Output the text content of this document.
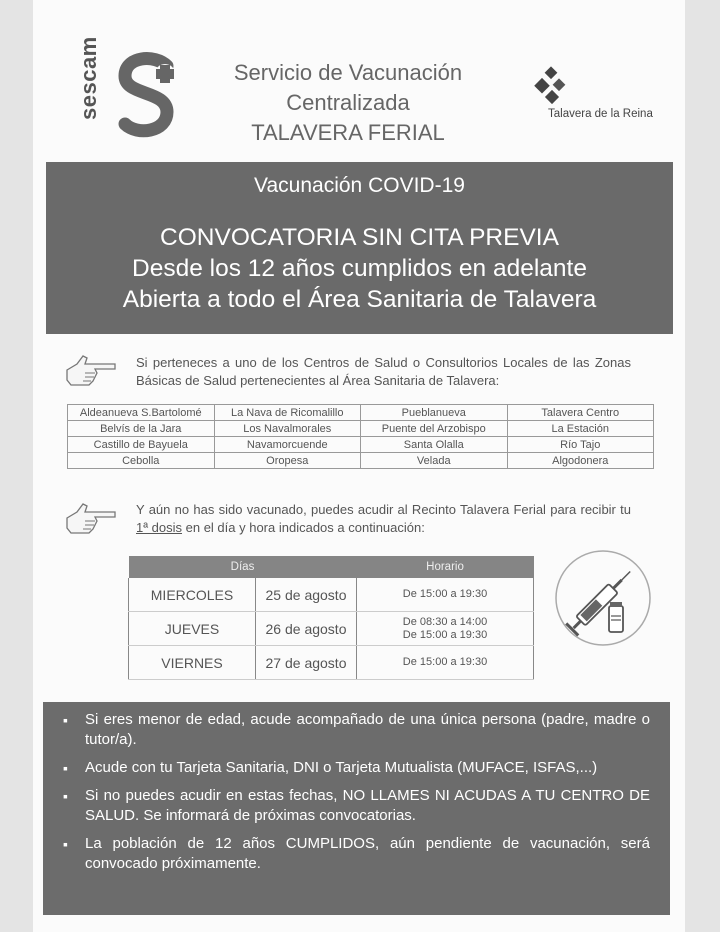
sescam	Servicio de Vacunación
Centralizada
TALAVERA FERIAL
Talavera de la Reina
Vacunación COVID-19
CONVOCATORIA SIN CITA PREVIA
Desde los 12 años cumplidos en adelante
Abierta a todo el Área Sanitaria de Talavera
Si perteneces a uno de los Centros de Salud o Consultorios Locales de las Zonas Básicas de Salud pertenecientes al Área Sanitaria de Talavera:
Aldeanueva S.Bartolomé	La Nava de Ricomalillo	Pueblanueva	Talavera Centro
Belvís de la Jara	Los Navalmorales	Puente del Arzobispo	La Estación
Castillo de Bayuela	Navamorcuende	Santa Olalla	Río Tajo
Cebolla	Oropesa	Velada	Algodonera
Y aún no has sido vacunado, puedes acudir al Recinto Talavera Ferial para recibir tu 1ª dosis en el día y hora indicados a continuación:
Días		Horario
MIERCOLES	25 de agosto	De 15:00 a 19:30

JUEVES	26 de agosto	De 08:30 a 14:00
De 15:00 a 19:30

VIERNES	27 de agosto	De 15:00 a 19:30
▪ Si eres menor de edad, acude acompañado de una única persona (padre, madre o tutor/a).
▪ Acude con tu Tarjeta Sanitaria, DNI o Tarjeta Mutualista (MUFACE, ISFAS,...)
▪ Si no puedes acudir en estas fechas, NO LLAMES NI ACUDAS A TU CENTRO DE SALUD. Se informará de próximas convocatorias.
▪ La población de 12 años CUMPLIDOS, aún pendiente de vacunación, será convocado próximamente.
